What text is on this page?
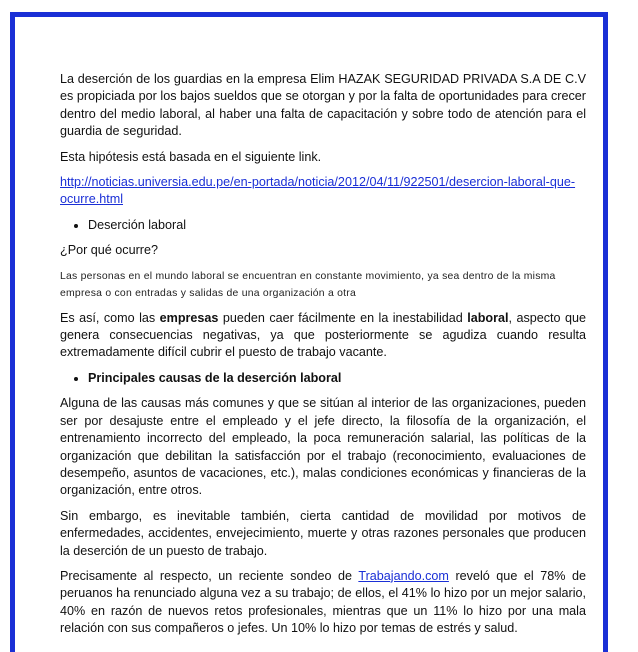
La deserción de los guardias en la empresa Elim HAZAK SEGURIDAD PRIVADA S.A DE C.V es propiciada por los bajos sueldos que se otorgan y por la falta de oportunidades para crecer dentro del medio laboral, al haber una falta de capacitación y sobre todo de atención para el guardia de seguridad.

Esta hipótesis está basada en el siguiente link.

http://noticias.universia.edu.pe/en-portada/noticia/2012/04/11/922501/desercion-laboral-que-ocurre.html

• Deserción laboral

¿Por qué ocurre?

Las personas en el mundo laboral se encuentran en constante movimiento, ya sea dentro de la misma empresa o con entradas y salidas de una organización a otra

Es así, como las empresas pueden caer fácilmente en la inestabilidad laboral, aspecto que genera consecuencias negativas, ya que posteriormente se agudiza cuando resulta extremadamente difícil cubrir el puesto de trabajo vacante.

• Principales causas de la deserción laboral

Alguna de las causas más comunes y que se sitúan al interior de las organizaciones, pueden ser por desajuste entre el empleado y el jefe directo, la filosofía de la organización, el entrenamiento incorrecto del empleado, la poca remuneración salarial, las políticas de la organización que debilitan la satisfacción por el trabajo (reconocimiento, evaluaciones de desempeño, asuntos de vacaciones, etc.), malas condiciones económicas y financieras de la organización, entre otros.

Sin embargo, es inevitable también, cierta cantidad de movilidad por motivos de enfermedades, accidentes, envejecimiento, muerte y otras razones personales que producen la deserción de un puesto de trabajo.

Precisamente al respecto, un reciente sondeo de Trabajando.com reveló que el 78% de peruanos ha renunciado alguna vez a su trabajo; de ellos, el 41% lo hizo por un mejor salario, 40% en razón de nuevos retos profesionales, mientras que un 11% lo hizo por una mala relación con sus compañeros o jefes. Un 10% lo hizo por temas de estrés y salud.
